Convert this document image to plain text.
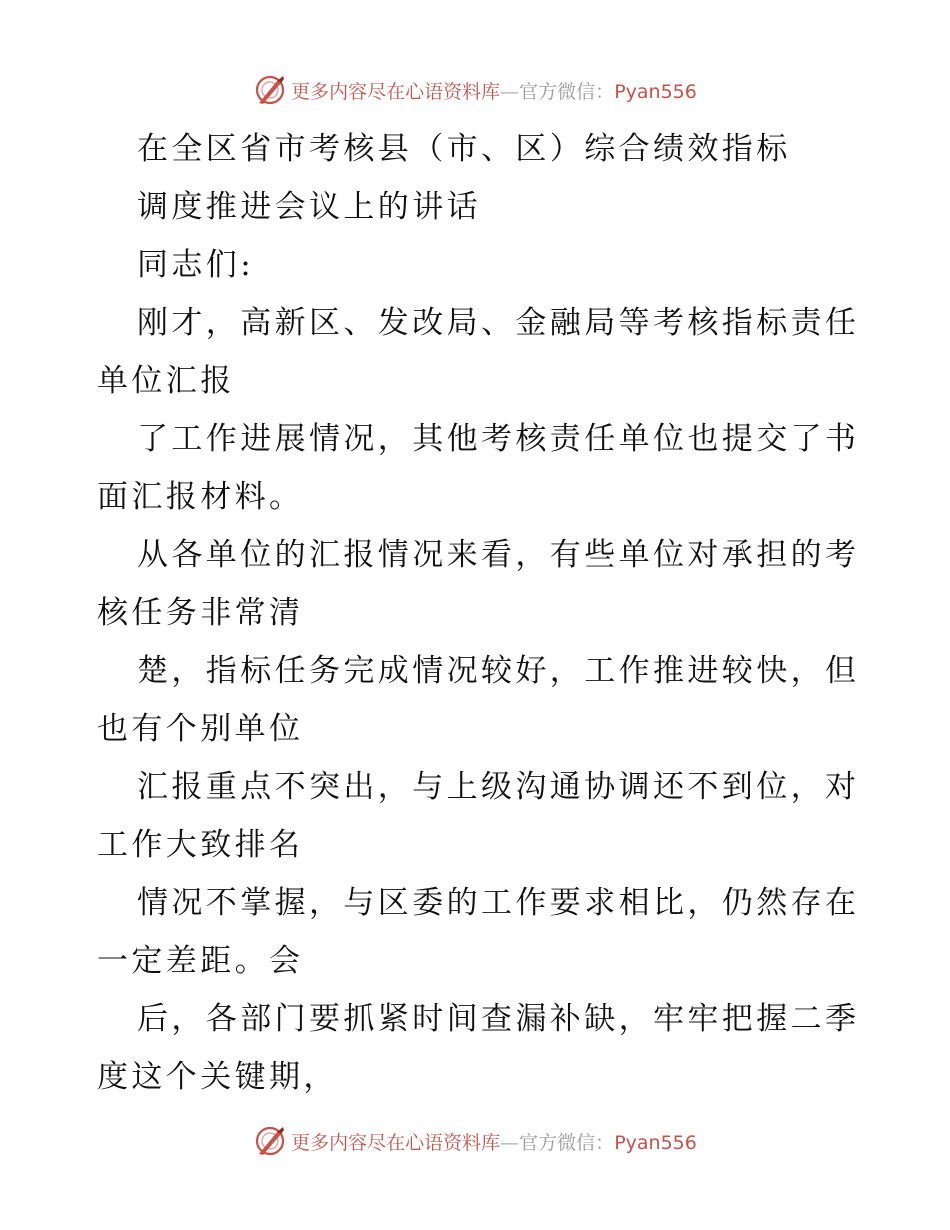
更多内容尽在心语资料库—官方微信：Pyan556
在全区省市考核县（市、区）综合绩效指标
调度推进会议上的讲话
同志们:
刚才，高新区、发改局、金融局等考核指标责任
单位汇报
了工作进展情况，其他考核责任单位也提交了书
面汇报材料。
从各单位的汇报情况来看，有些单位对承担的考
核任务非常清
楚，指标任务完成情况较好，工作推进较快，但
也有个别单位
汇报重点不突出，与上级沟通协调还不到位，对
工作大致排名
情况不掌握，与区委的工作要求相比，仍然存在
一定差距。会
后，各部门要抓紧时间查漏补缺，牢牢把握二季
度这个关键期，
更多内容尽在心语资料库—官方微信：Pyan556
